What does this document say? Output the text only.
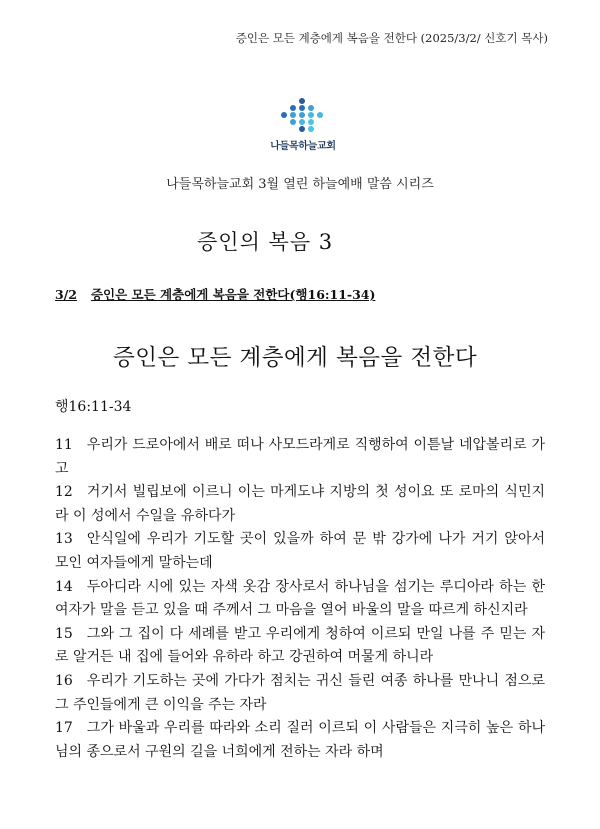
증인은 모든 계층에게 복음을 전한다 (2025/3/2/ 신호기 목사)
나들목하늘교회
나들목하늘교회 3월 열린 하늘예배 말씀 시리즈
증인의 복음 3
3/2 증인은 모든 계층에게 복음을 전한다(행16:11-34)
증인은 모든 계층에게 복음을 전한다
행16:11-34
11 우리가 드로아에서 배로 떠나 사모드라게로 직행하여 이튿날 네압볼리로 가고
12 거기서 빌립보에 이르니 이는 마게도냐 지방의 첫 성이요 또 로마의 식민지라 이 성에서 수일을 유하다가
13 안식일에 우리가 기도할 곳이 있을까 하여 문 밖 강가에 나가 거기 앉아서 모인 여자들에게 말하는데
14 두아디라 시에 있는 자색 옷감 장사로서 하나님을 섬기는 루디아라 하는 한 여자가 말을 듣고 있을 때 주께서 그 마음을 열어 바울의 말을 따르게 하신지라
15 그와 그 집이 다 세례를 받고 우리에게 청하여 이르되 만일 나를 주 믿는 자로 알거든 내 집에 들어와 유하라 하고 강권하여 머물게 하니라
16 우리가 기도하는 곳에 가다가 점치는 귀신 들린 여종 하나를 만나니 점으로 그 주인들에게 큰 이익을 주는 자라
17 그가 바울과 우리를 따라와 소리 질러 이르되 이 사람들은 지극히 높은 하나님의 종으로서 구원의 길을 너희에게 전하는 자라 하며
